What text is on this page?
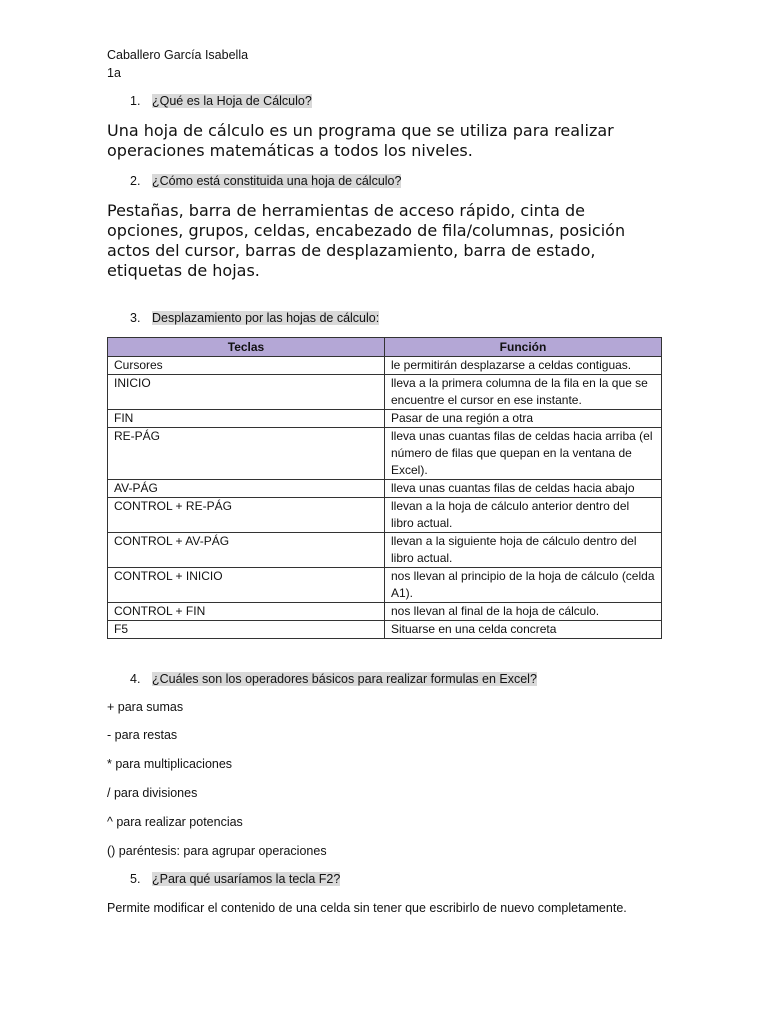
Caballero García Isabella
1a
1. ¿Qué es la Hoja de Cálculo?
Una hoja de cálculo es un programa que se utiliza para realizar operaciones matemáticas a todos los niveles.
2. ¿Cómo está constituida una hoja de cálculo?
Pestañas, barra de herramientas de acceso rápido, cinta de opciones, grupos, celdas, encabezado de fila/columnas, posición actos del cursor, barras de desplazamiento, barra de estado, etiquetas de hojas.
3. Desplazamiento por las hojas de cálculo:
Teclas	Función
Cursores	le permitirán desplazarse a celdas contiguas.
INICIO	lleva a la primera columna de la fila en la que se encuentre el cursor en ese instante.
FIN	Pasar de una región a otra
RE-PÁG	lleva unas cuantas filas de celdas hacia arriba (el número de filas que quepan en la ventana de Excel).
AV-PÁG	lleva unas cuantas filas de celdas hacia abajo
CONTROL + RE-PÁG	llevan a la hoja de cálculo anterior dentro del libro actual.
CONTROL + AV-PÁG	llevan a la siguiente hoja de cálculo dentro del libro actual.
CONTROL + INICIO	nos llevan al principio de la hoja de cálculo (celda A1).
CONTROL + FIN	nos llevan al final de la hoja de cálculo.
F5	Situarse en una celda concreta
4. ¿Cuáles son los operadores básicos para realizar formulas en Excel?
+ para sumas
- para restas
* para multiplicaciones
/ para divisiones
^ para realizar potencias
() paréntesis: para agrupar operaciones
5. ¿Para qué usaríamos la tecla F2?
Permite modificar el contenido de una celda sin tener que escribirlo de nuevo completamente.
